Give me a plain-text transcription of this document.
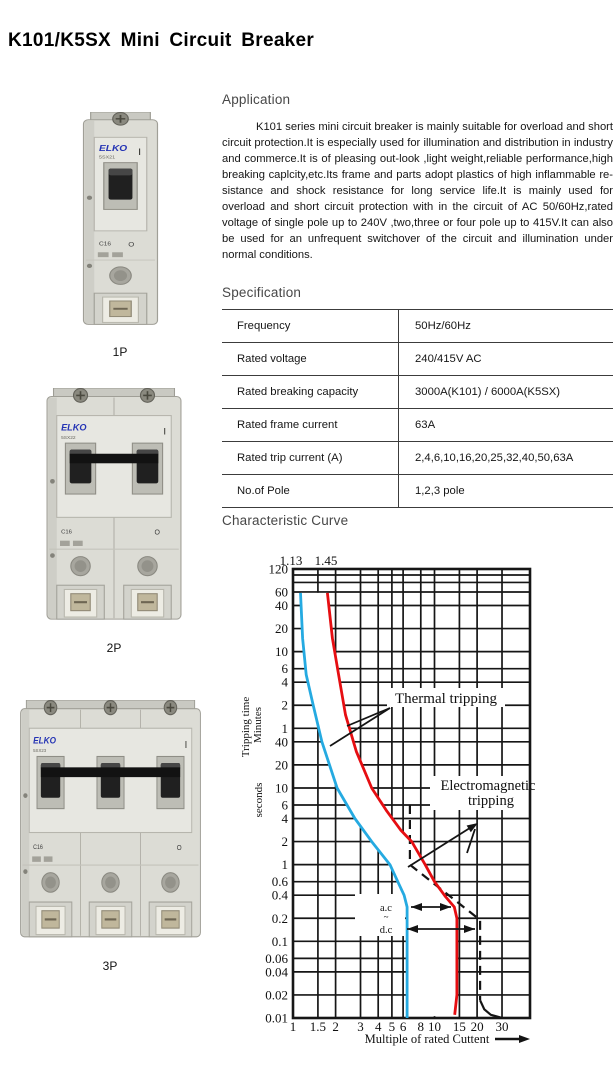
K101/K5SX Mini Circuit Breaker
ELKO
5SX21
I
C16	O
1P
ELKO
5SX22
I
C16	O
2P
ELKO
5SX23
I
C16	O
3P
Application

K101 series mini circuit breaker is mainly suitable for overload and short circuit protection.It is especially used for illumination and distribution in industry and commerce.It is of pleasing out-look ,light weight,reliable performance,high breaking caplcity,etc.Its frame and parts adopt plastics of high inflammable re-sistance and shock resistance for long service life.It is mainly used for overload and short circuit protection with in the circuit of AC 50/60Hz,rated voltage of single pole up to 240V ,two,three or four pole up to 415V.It can also be used for an unfrequent switchover of the circuit and illumination under normal conditions.

Specification
Frequency	50Hz/60Hz
Rated voltage	240/415V AC
Rated breaking capacity	3000A(K101) / 6000A(K5SX)
Rated frame current	63A
Rated trip current (A)	2,4,6,10,16,20,25,32,40,50,63A
No.of Pole	1,2,3 pole
Characteristic Curve
Thermal tripping
Electromagnetic
tripping
a.c
~
d.c
1.13 1.45
120
60
40
20
10
6
4
2
1
40
20
10
6
4
2
1
0.6
0.4
0.2
0.1
0.06
0.04
0.02
0.01
1 1.5 2 3 4 5 6 8 10 15 20 30
Tripping time Minutes
seconds
Multiple of rated Cuttent
